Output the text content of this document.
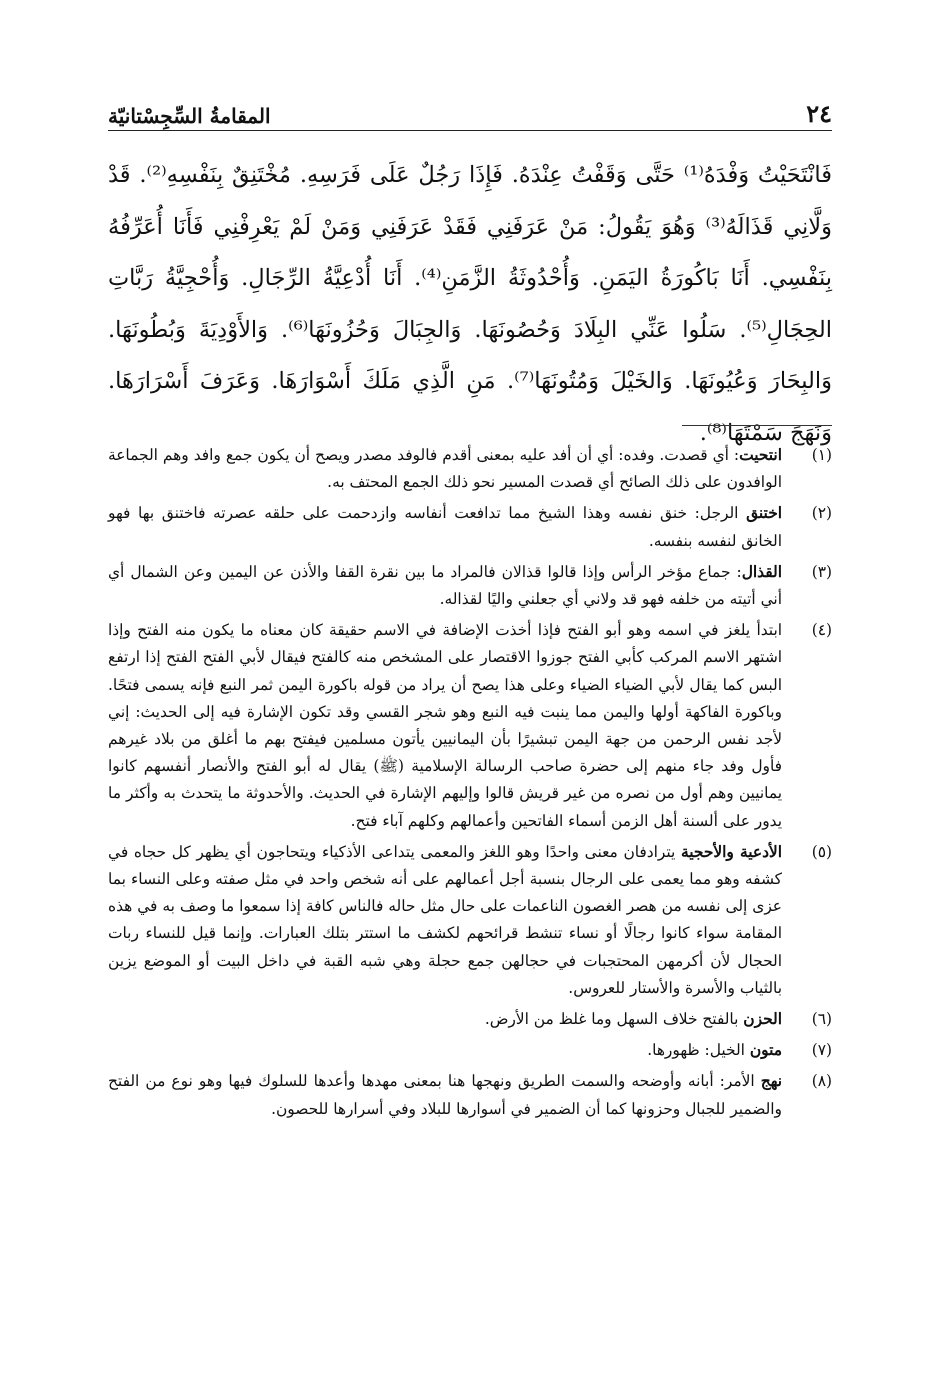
٢٤
المقامةُ السِّجِسْتانيّة

فَانْتَحَيْتُ وَفْدَهُ⁽¹⁾ حَتَّى وَقَفْتُ عِنْدَهُ. فَإِذَا رَجُلٌ عَلَى فَرَسِهِ. مُخْتَنِقٌ بِنَفْسِهِ⁽²⁾. قَدْ وَلَّانِي قَذَالَهُ⁽³⁾ وَهُوَ يَقُولُ: مَنْ عَرَفَنِي فَقَدْ عَرَفَنِي وَمَنْ لَمْ يَعْرِفْنِي فَأَنَا أُعَرِّفُهُ بِنَفْسِي. أَنَا بَاكُورَةُ اليَمَنِ. وَأُحْدُوثَةُ الزَّمَنِ⁽⁴⁾. أَنَا أُدْعِيَّةُ الرِّجَالِ. وَأُحْجِيَّةُ رَبَّاتِ الحِجَالِ⁽⁵⁾. سَلُوا عَنِّي البِلَادَ وَحُصُونَهَا. وَالجِبَالَ وَحُزُونَهَا⁽⁶⁾. وَالأَوْدِيَةَ وَبُطُونَهَا. وَالبِحَارَ وَعُيُونَهَا. وَالخَيْلَ وَمُتُونَهَا⁽⁷⁾. مَنِ الَّذِي مَلَكَ أَسْوَارَهَا. وَعَرَفَ أَسْرَارَهَا. وَنَهَجَ سَمْتَهَا⁽⁸⁾.

(١)
انتحيت: أي قصدت. وفده: أي أن أفد عليه بمعنى أقدم فالوفد مصدر ويصح أن يكون جمع وافد وهم الجماعة الوافدون على ذلك الصائح أي قصدت المسير نحو ذلك الجمع المحتف به.
(٢)
اختنق الرجل: خنق نفسه وهذا الشيخ مما تدافعت أنفاسه وازدحمت على حلقه عصرته فاختنق بها فهو الخانق لنفسه بنفسه.
(٣)
القذال: جماع مؤخر الرأس وإذا قالوا قذالان فالمراد ما بين نقرة القفا والأذن عن اليمين وعن الشمال أي أني أتيته من خلفه فهو قد ولاني أي جعلني واليًا لقذاله.
(٤)
ابتدأ يلغز في اسمه وهو أبو الفتح فإذا أخذت الإضافة في الاسم حقيقة كان معناه ما يكون منه الفتح وإذا اشتهر الاسم المركب كأبي الفتح جوزوا الاقتصار على المشخص منه كالفتح فيقال لأبي الفتح الفتح إذا ارتفع البس كما يقال لأبي الضياء الضياء وعلى هذا يصح أن يراد من قوله باكورة اليمن ثمر النبع فإنه يسمى فتحًا. وباكورة الفاكهة أولها واليمن مما ينبت فيه النبع وهو شجر القسي وقد تكون الإشارة فيه إلى الحديث: إني لأجد نفس الرحمن من جهة اليمن تبشيرًا بأن اليمانيين يأتون مسلمين فيفتح بهم ما أغلق من بلاد غيرهم فأول وفد جاء منهم إلى حضرة صاحب الرسالة الإسلامية (ﷺ) يقال له أبو الفتح والأنصار أنفسهم كانوا يمانيين وهم أول من نصره من غير قريش قالوا وإليهم الإشارة في الحديث. والأحدوثة ما يتحدث به وأكثر ما يدور على ألسنة أهل الزمن أسماء الفاتحين وأعمالهم وكلهم آباء فتح.
(٥)
الأدعية والأحجية يترادفان معنى واحدًا وهو اللغز والمعمى يتداعى الأذكياء ويتحاجون أي يظهر كل حجاه في كشفه وهو مما يعمى على الرجال بنسبة أجل أعمالهم على أنه شخص واحد في مثل صفته وعلى النساء بما عزى إلى نفسه من هصر الغصون الناعمات على حال مثل حاله فالناس كافة إذا سمعوا ما وصف به في هذه المقامة سواء كانوا رجالًا أو نساء تنشط قرائحهم لكشف ما استتر بتلك العبارات. وإنما قيل للنساء ربات الحجال لأن أكرمهن المحتجبات في حجالهن جمع حجلة وهي شبه القبة في داخل البيت أو الموضع يزين بالثياب والأسرة والأستار للعروس.
(٦)
الحزن بالفتح خلاف السهل وما غلظ من الأرض.
(٧)
متون الخيل: ظهورها.
(٨)
نهج الأمر: أبانه وأوضحه والسمت الطريق ونهجها هنا بمعنى مهدها وأعدها للسلوك فيها وهو نوع من الفتح والضمير للجبال وحزونها كما أن الضمير في أسوارها للبلاد وفي أسرارها للحصون.
